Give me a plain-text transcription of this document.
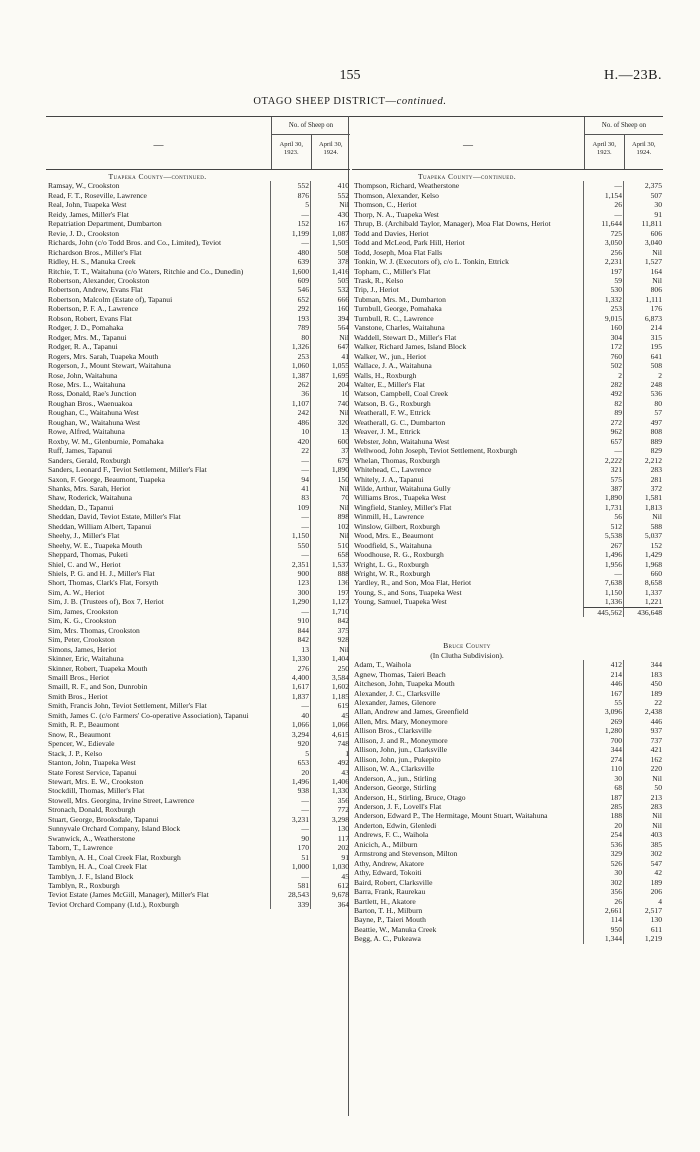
155	H.—23B.
OTAGO SHEEP DISTRICT—continued.
—
No. of Sheep on
April 30, 1923.
April 30, 1924.
Tuapeka County—continued.
Ramsay, W., Crookston	552	410
Read, F. T., Roseville, Lawrence	876	552
Real, John, Tuapeka West	5	Nil
Reidy, James, Miller's Flat	—	430
Repatriation Department, Dumbarton	152	167
Revie, J. D., Crookston	1,199	1,087
Richards, John (c/o Todd Bros. and Co., Limited), Teviot	—	1,505
Richardson Bros., Miller's Flat	480	508
Ridley, H. S., Manuka Creek	639	378
Ritchie, T. T., Waitahuna (c/o Waters, Ritchie and Co., Dunedin)	1,600	1,416
Robertson, Alexander, Crookston	609	505
Robertson, Andrew, Evans Flat	546	532
Robertson, Malcolm (Estate of), Tapanui	652	666
Robertson, P. F. A., Lawrence	292	160
Robson, Robert, Evans Flat	193	394
Rodger, J. D., Pomahaka	789	564
Rodger, Mrs. M., Tapanui	80	Nil
Rodger, R. A., Tapanui	1,326	647
Rogers, Mrs. Sarah, Tuapeka Mouth	253	41
Rogerson, J., Mount Stewart, Waitahuna	1,060	1,055
Rose, John, Waitahuna	1,387	1,695
Rose, Mrs. L., Waitahuna	262	204
Ross, Donald, Rae's Junction	36	10
Roughan Bros., Waenuakoa	1,107	740
Roughan, C., Waitahuna West	242	Nil
Roughan, W., Waitahuna West	486	320
Rowe, Alfred, Waitahuna	10	13
Roxby, W. M., Glenburnie, Pomahaka	420	600
Ruff, James, Tapanui	22	37
Sanders, Gerald, Roxburgh	—	679
Sanders, Leonard F., Teviot Settlement, Miller's Flat	—	1,890
Saxon, F. George, Beaumont, Tuapeka	94	150
Shanks, Mrs. Sarah, Heriot	41	Nil
Shaw, Roderick, Waitahuna	83	70
Sheddan, D., Tapanui	109	Nil
Sheddan, David, Teviot Estate, Miller's Flat	—	898
Sheddan, William Albert, Tapanui	—	102
Sheehy, J., Miller's Flat	1,150	Nil
Sheehy, W. E., Tuapeka Mouth	550	510
Sheppard, Thomas, Puketi	—	658
Shiel, C. and W., Heriot	2,351	1,537
Shiels, P. G. and H. J., Miller's Flat	900	888
Short, Thomas, Clark's Flat, Forsyth	123	136
Sim, A. W., Heriot	300	197
Sim, J. B. (Trustees of), Box 7, Heriot	1,290	1,127
Sim, James, Crookston	—	1,710
Sim, K. G., Crookston	910	842
Sim, Mrs. Thomas, Crookston	844	375
Sim, Peter, Crookston	842	928
Simons, James, Heriot	13	Nil
Skinner, Eric, Waitahuna	1,330	1,404
Skinner, Robert, Tuapeka Mouth	276	250
Smaill Bros., Heriot	4,400	3,584
Smaill, R. F., and Son, Dunrobin	1,617	1,602
Smith Bros., Heriot	1,837	1,185
Smith, Francis John, Teviot Settlement, Miller's Flat	—	619
Smith, James C. (c/o Farmers' Co-operative Association), Tapanui	40	45
Smith, R. P., Beaumont	1,066	1,066
Snow, R., Beaumont	3,294	4,615
Spencer, W., Edievale	920	748
Stack, J. P., Kelso	5	1
Stanton, John, Tuapeka West	653	492
State Forest Service, Tapanui	20	43
Stewart, Mrs. E. W., Crookston	1,496	1,406
Stockdill, Thomas, Miller's Flat	938	1,330
Stowell, Mrs. Georgina, Irvine Street, Lawrence	—	356
Stronach, Donald, Roxburgh	—	772
Stuart, George, Brooksdale, Tapanui	3,231	3,298
Sunnyvale Orchard Company, Island Block	—	130
Swanwick, A., Weatherstone	90	117
Taborn, T., Lawrence	170	202
Tamblyn, A. H., Coal Creek Flat, Roxburgh	51	91
Tamblyn, H. A., Coal Creek Flat	1,000	1,030
Tamblyn, J. F., Island Block	—	45
Tamblyn, R., Roxburgh	581	612
Teviot Estate (James McGill, Manager), Miller's Flat	28,543	9,678
Teviot Orchard Company (Ltd.), Roxburgh	339	364
—
No. of Sheep on
April 30, 1923.
April 30, 1924.
Tuapeka County—continued.
Thompson, Richard, Weatherstone	—	2,375
Thomson, Alexander, Kelso	1,154	507
Thomson, C., Heriot	26	30
Thorp, N. A., Tuapeka West	—	91
Thrup, B. (Archibald Taylor, Manager), Moa Flat Downs, Heriot	11,644	11,811
Todd and Davies, Heriot	725	606
Todd and McLeod, Park Hill, Heriot	3,050	3,040
Todd, Joseph, Moa Flat Falls	256	Nil
Tonkin, W. J. (Executors of), c/o L. Tonkin, Ettrick	2,231	1,527
Topham, C., Miller's Flat	197	164
Trask, R., Kelso	59	Nil
Trip, J., Heriot	530	806
Tubman, Mrs. M., Dumbarton	1,332	1,111
Turnbull, George, Pomahaka	253	176
Turnbull, R. C., Lawrence	9,015	6,873
Vanstone, Charles, Waitahuna	160	214
Waddell, Stewart D., Miller's Flat	304	315
Walker, Richard James, Island Block	172	195
Walker, W., jun., Heriot	760	641
Wallace, J. A., Waitahuna	502	508
Walls, H., Roxburgh	2	2
Walter, E., Miller's Flat	282	248
Watson, Campbell, Coal Creek	492	536
Watson, B. G., Roxburgh	82	80
Weatherall, F. W., Ettrick	89	57
Weatherall, G. C., Dumbarton	272	497
Weaver, J. M., Ettrick	962	808
Webster, John, Waitahuna West	657	889
Wellwood, John Joseph, Teviot Settlement, Roxburgh	—	829
Whelan, Thomas, Roxburgh	2,222	2,212
Whitehead, C., Lawrence	321	283
Whitely, J. A., Tapanui	575	281
Wilde, Arthur, Waitahuna Gully	387	372
Williams Bros., Tuapeka West	1,890	1,581
Wingfield, Stanley, Miller's Flat	1,731	1,813
Winmill, H., Lawrence	56	Nil
Winslow, Gilbert, Roxburgh	512	588
Wood, Mrs. E., Beaumont	5,538	5,037
Woodfield, S., Waitahuna	267	152
Woodhouse, R. G., Roxburgh	1,496	1,429
Wright, L. G., Roxburgh	1,956	1,968
Wright, W. R., Roxburgh	—	660
Yardley, R., and Son, Moa Flat, Heriot	7,638	8,658
Young, S., and Sons, Tuapeka West	1,150	1,337
Young, Samuel, Tuapeka West	1,336	1,221
445,562	436,648
Bruce County
(In Clutha Subdivision).
Adam, T., Waihola	412	344
Agnew, Thomas, Taieri Beach	214	183
Aitcheson, John, Tuapeka Mouth	446	450
Alexander, J. C., Clarksville	167	189
Alexander, James, Glenore	55	22
Allan, Andrew and James, Greenfield	3,096	2,438
Allen, Mrs. Mary, Moneymore	269	446
Allison Bros., Clarksville	1,280	937
Allison, J. and R., Moneymore	700	737
Allison, John, jun., Clarksville	344	421
Allison, John, jun., Pukepito	274	162
Allison, W. A., Clarksville	110	220
Anderson, A., jun., Stirling	30	Nil
Anderson, George, Stirling	68	50
Anderson, H., Stirling, Bruce, Otago	187	213
Anderson, J. F., Lovell's Flat	285	283
Anderson, Edward P., The Hermitage, Mount Stuart, Waitahuna	188	Nil
Anderton, Edwin, Glenledi	20	Nil
Andrews, F. C., Waihola	254	403
Anicich, A., Milburn	536	385
Armstrong and Stevenson, Milton	329	302
Athy, Andrew, Akatore	526	547
Athy, Edward, Tokoiti	30	42
Baird, Robert, Clarksville	302	189
Barra, Frank, Raurekau	356	206
Bartlett, H., Akatore	26	4
Barton, T. H., Milburn	2,661	2,517
Bayne, P., Taieri Mouth	114	130
Beattie, W., Manuka Creek	950	611
Begg, A. C., Pukeawa	1,344	1,219
